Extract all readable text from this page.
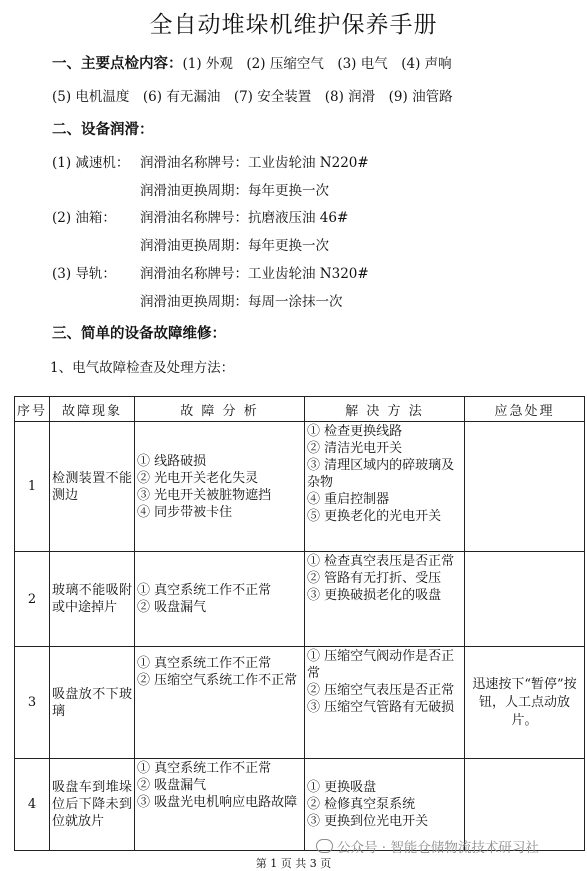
全自动堆垛机维护保养手册
一、主要点检内容：(1) 外观　(2) 压缩空气　(3) 电气　(4) 声响
(5) 电机温度　(6) 有无漏油　(7) 安全装置　(8) 润滑　(9) 油管路
二、设备润滑：
(1) 减速机： 润滑油名称牌号：工业齿轮油 N220#
润滑油更换周期：每年更换一次
(2) 油箱： 润滑油名称牌号：抗磨液压油 46#
润滑油更换周期：每年更换一次
(3) 导轨： 润滑油名称牌号：工业齿轮油 N320#
润滑油更换周期：每周一涂抹一次
三、简单的设备故障维修：
1、电气故障检查及处理方法：
序号	故障现象	故 障 分 析	解 决 方 法	应急处理
1	检测装置不能测边	① 线路破损
② 光电开关老化失灵
③ 光电开关被脏物遮挡
④ 同步带被卡住	① 检查更换线路
② 清洁光电开关
③ 清理区域内的碎玻璃及杂物
④ 重启控制器
⑤ 更换老化的光电开关	

2	玻璃不能吸附或中途掉片	① 真空系统工作不正常
② 吸盘漏气	① 检查真空表压是否正常
② 管路有无打折、受压
③ 更换破损老化的吸盘	

3	吸盘放不下玻璃	① 真空系统工作不正常
② 压缩空气系统工作不正常	① 压缩空气阀动作是否正常
② 压缩空气表压是否正常
③ 压缩空气管路有无破损	迅速按下“暂停”按钮，人工点动放片。
4	吸盘车到堆垛位后下降未到位就放片	① 真空系统工作不正常
② 吸盘漏气
③ 吸盘光电机响应电路故障	① 更换吸盘
② 检修真空泵系统
③ 更换到位光电开关	

公众号 · 智能仓储物流技术研习社
第 1 页 共 3 页
